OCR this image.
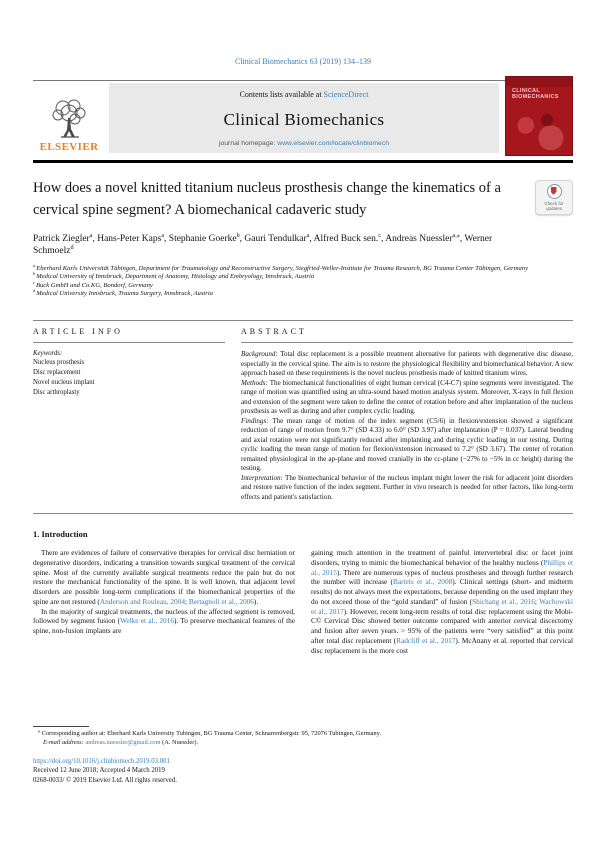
Clinical Biomechanics 63 (2019) 134–139
ELSEVIER
Contents lists available at ScienceDirect
Clinical Biomechanics
journal homepage: www.elsevier.com/locate/clinbiomech
CLINICAL BIOMECHANICS
How does a novel knitted titanium nucleus prosthesis change the kinematics of a cervical spine segment? A biomechanical cadaveric study	Check for updates
Patrick Ziegler$^a$, Hans-Peter Kaps$^a$, Stephanie Goerke$^b$, Gauri Tendulkar$^a$, Alfred Buck sen.$^c$, Andreas Nuessler$^{a,⁎}$, Werner Schmoelz$^d$
$^a$ Eberhard Karls Universität Tübingen, Department for Traumatology and Reconstructive Surgery, Siegfried-Weller-Institute for Trauma Research, BG Trauma Center Tübingen, Germany
$^b$ Medical University of Innsbruck, Department of Anatomy, Histology and Embryology, Innsbruck, Austria
$^c$ Buck GmbH and Co.KG, Bondorf, Germany
$^d$ Medical University Innsbruck, Trauma Surgery, Innsbruck, Austria
ARTICLE INFO
Keywords:
Nucleus prosthesis
Disc replacement
Novel nucleus implant
Disc arthroplasty
ABSTRACT
Background: Total disc replacement is a possible treatment alternative for patients with degenerative disc disease, especially in the cervical spine. The aim is to restore the physiological flexibility and biomechanical behavior. A new approach based on these requirements is the novel nucleus prosthesis made of knitted titanium wires.
Methods: The biomechanical functionalities of eight human cervical (C4-C7) spine segments were investigated. The range of motion was quantified using an ultra-sound based motion analysis system. Moreover, X-rays in full flexion and extension of the segment were taken to define the center of rotation before and after implantation of the nucleus prosthesis as well as during and after complex cyclic loading.
Findings: The mean range of motion of the index segment (C5/6) in flexion/extension showed a significant reduction of range of motion from 9.7° (SD 4.33) to 6.0° (SD 3.97) after implantation (P = 0.037). Lateral bending and axial rotation were not significantly reduced after implanting and during cyclic loading in our testing. During cyclic loading the mean range of motion for flexion/extension increased to 7.2° (SD 3.67). The center of rotation remained physiological in the ap-plane and moved cranially in the cc-plane (−27% to −5% in cc height) during the testing.
Interpretation: The biomechanical behavior of the nucleus implant might lower the risk for adjacent joint disorders and restore native function of the index segment. Further in vivo research is needed for other factors, like long-term effects and patient's satisfaction.
1. Introduction

There are evidences of failure of conservative therapies for cervical disc herniation or degenerative disorders, indicating a transition towards surgical treatment of the cervical spine. Most of the currently available surgical treatments reduce the pain but do not restore the mechanical functionality of the spine. It is well known, that adjacent level disorders are possible long-term complications if the biomechanical properties of the spine are not restored (Anderson and Rouleau, 2004; Bertagnoli et al., 2006).

In the majority of surgical treatments, the nucleus of the affected segment is removed, followed by segment fusion (Welke et al., 2016). To preserve mechanical features of the spine, non-fusion implants are

gaining much attention in the treatment of painful intervertebral disc or facet joint disorders, trying to mimic the biomechanical behavior of the healthy nucleus (Phillips et al., 2015). There are numerous types of nucleus prostheses and through further research the number will increase (Bartels et al., 2008). Clinical settings (short- and midterm results) do not always meet the expectations, because depending on the used implant they do not exceed those of the “gold standard” of fusion (Shichang et al., 2016; Wachowski et al., 2017). However, recent long-term results of total disc replacement using the Mobi-C© Cervical Disc showed better outcome compared with anterior cervical discectomy and fusion after seven years. > 95% of the patients were “very satisfied” at this point after total disc replacement (Radcliff et al., 2017). McAnany et al. reported that cervical disc replacement is the more cost

⁎ Corresponding author at: Eberhard Karls University Tubingen, BG Trauma Center, Schnarrenbergstr. 95, 72076 Tubingen, Germany.
E-mail address: andreas.nuessler@gmail.com (A. Nuessler).
https://doi.org/10.1016/j.clinbiomech.2019.03.001
Received 12 June 2018; Accepted 4 March 2019
0268-0033/ © 2019 Elsevier Ltd. All rights reserved.
